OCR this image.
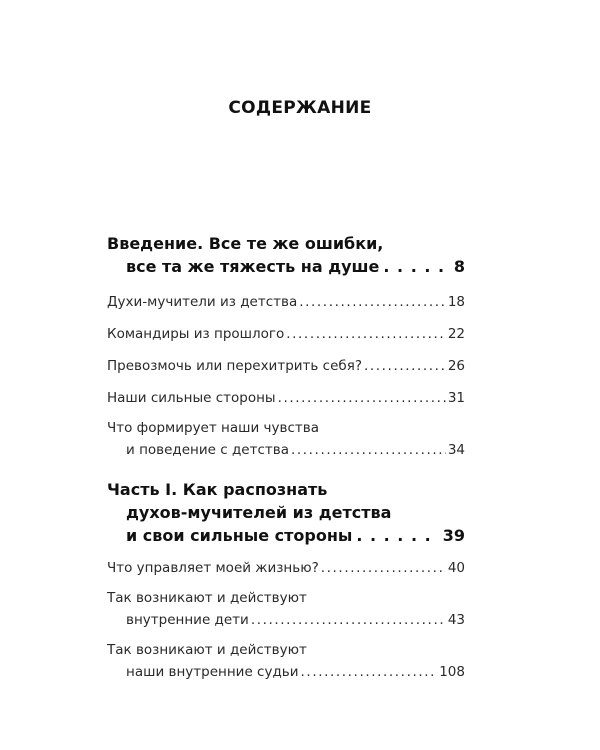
СОДЕРЖАНИЕ
Введение. Все те же ошибки,
все та же тяжесть на душе . . .	8
Духи-мучители из детства .....	18
Командиры из прошлого .....	22
Превозмочь или перехитрить себя? .....	26
Наши сильные стороны .....	31
Что формирует наши чувства
и поведение с детства .....	34
Часть I. Как распознать
духов-мучителей из детства
и свои сильные стороны . . .	39
Что управляет моей жизнью? .....	40
Так возникают и действуют
внутренние дети .....	43
Так возникают и действуют
наши внутренние судьи .....	108
